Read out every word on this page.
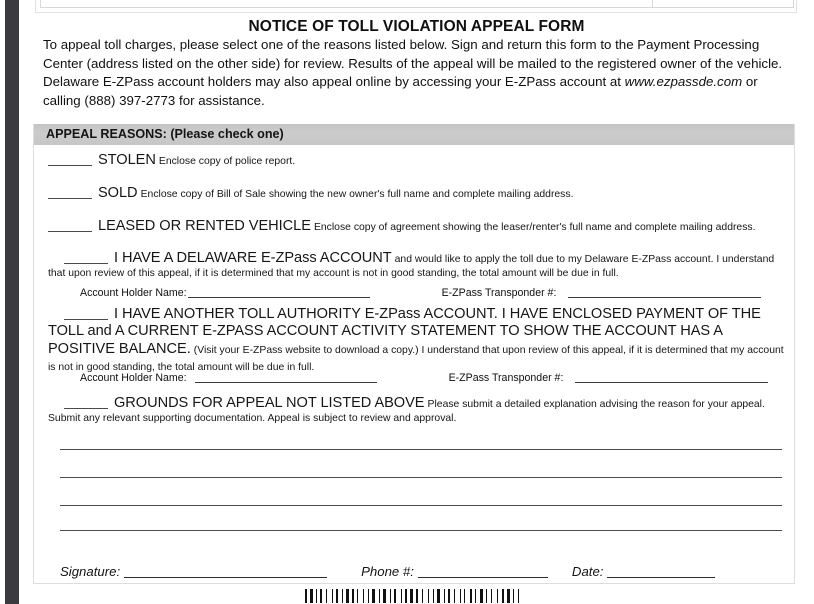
NOTICE OF TOLL VIOLATION APPEAL FORM

To appeal toll charges, please select one of the reasons listed below. Sign and return this form to the Payment Processing Center (address listed on the other side) for review. Results of the appeal will be mailed to the registered owner of the vehicle.

Delaware E-ZPass account holders may also appeal online by accessing your E-ZPass account at www.ezpassde.com or calling (888) 397-2773 for assistance.

APPEAL REASONS: (Please check one)
STOLEN Enclose copy of police report.
SOLD Enclose copy of Bill of Sale showing the new owner's full name and complete mailing address.
LEASED OR RENTED VEHICLE Enclose copy of agreement showing the leaser/renter's full name and complete mailing address.
I HAVE A DELAWARE E-ZPass ACCOUNT and would like to apply the toll due to my Delaware E-ZPass account. I understand that upon review of this appeal, if it is determined that my account is not in good standing, the total amount will be due in full.
Account Holder Name:	E-ZPass Transponder #:
I HAVE ANOTHER TOLL AUTHORITY E-ZPass ACCOUNT. I HAVE ENCLOSED PAYMENT OF THE TOLL and A CURRENT E-ZPASS ACCOUNT ACTIVITY STATEMENT TO SHOW THE ACCOUNT HAS A POSITIVE BALANCE. (Visit your E-ZPass website to download a copy.) I understand that upon review of this appeal, if it is determined that my account is not in good standing, the total amount will be due in full.
Account Holder Name:	E-ZPass Transponder #:
GROUNDS FOR APPEAL NOT LISTED ABOVE Please submit a detailed explanation advising the reason for your appeal. Submit any relevant supporting documentation. Appeal is subject to review and approval.
Signature:	Phone #:	Date:
